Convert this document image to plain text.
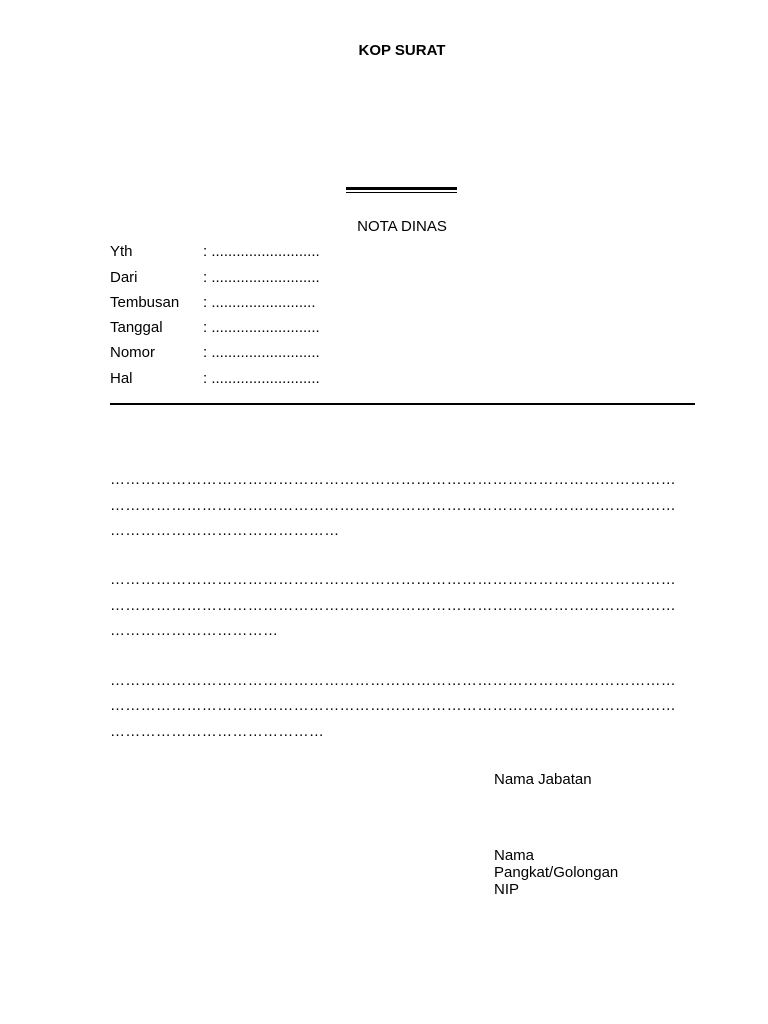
KOP SURAT
NOTA DINAS
Yth	: ..........................
Dari	: ..........................
Tembusan : .........................
Tanggal	: ..........................
Nomor	: ..........................
Hal	: ..........................
…………………………………………………………………………………………………
…………………………………………………………………………………………………
………………………………………
…………………………………………………………………………………………………
…………………………………………………………………………………………………
……………………………
…………………………………………………………………………………………………
…………………………………………………………………………………………………
……………………………………
Nama Jabatan
Nama
Pangkat/Golongan
NIP
